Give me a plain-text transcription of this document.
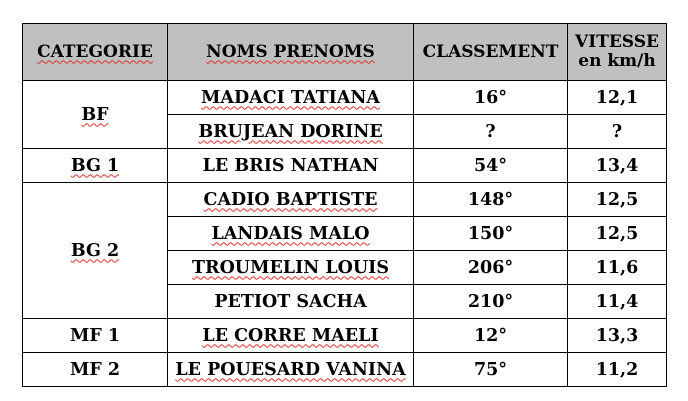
CATEGORIE	NOMS PRENOMS	CLASSEMENT	VITESSE
en km/h
BF	MADACI TATIANA	16°	12,1
	BRUJEAN DORINE	?	?
BG 1	LE BRIS NATHAN	54°	13,4
BG 2	CADIO BAPTISTE	148°	12,5
	LANDAIS MALO	150°	12,5
	TROUMELIN LOUIS	206°	11,6
	PETIOT SACHA	210°	11,4
MF 1	LE CORRE MAELI	12°	13,3
MF 2	LE POUESARD VANINA	75°	11,2
